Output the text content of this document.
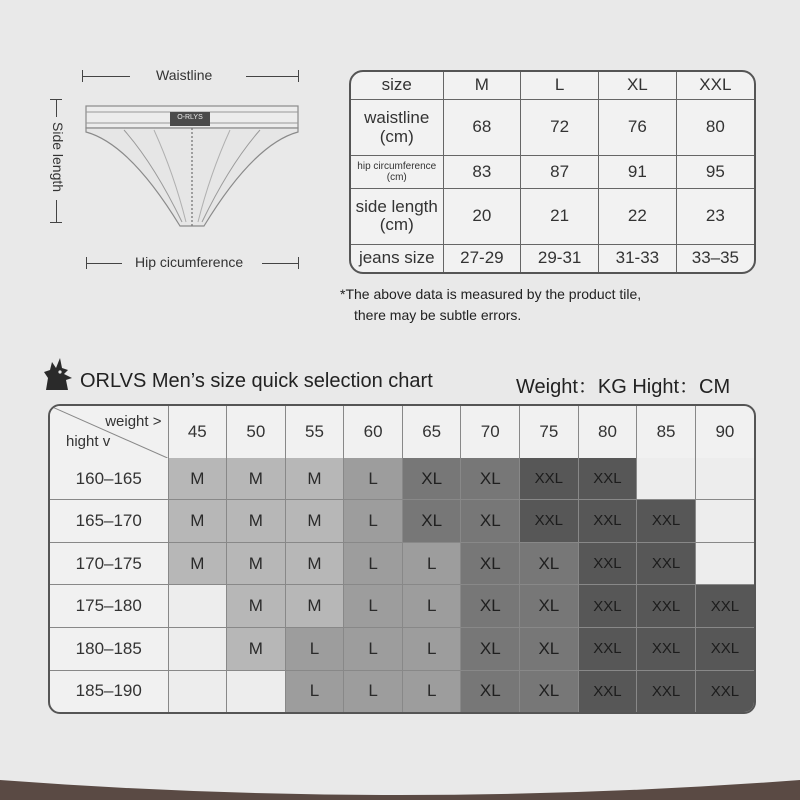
Waistline
Side length
O-RLYS
Hip cicumference
size	M	L	XL	XXL
waistline
(cm)	68	72	76	80
hip circumference
(cm)	83	87	91	95
side length
(cm)	20	21	22	23
jeans size	27-29	29-31	31-33	33–35
*The above data is measured by the product tile,
there may be subtle errors.
ORLVS Men’s size quick selection chart	Weight：KG Hight：CM
weight >
hight v	45	50	55	60	65	70	75	80	85	90
160–165	M	M	M	L	XL	XL	XXL	XXL		
165–170	M	M	M	L	XL	XL	XXL	XXL	XXL	
170–175	M	M	M	L	L	XL	XL	XXL	XXL	
175–180		M	M	L	L	XL	XL	XXL	XXL	XXL
180–185		M	L	L	L	XL	XL	XXL	XXL	XXL
185–190			L	L	L	XL	XL	XXL	XXL	XXL
